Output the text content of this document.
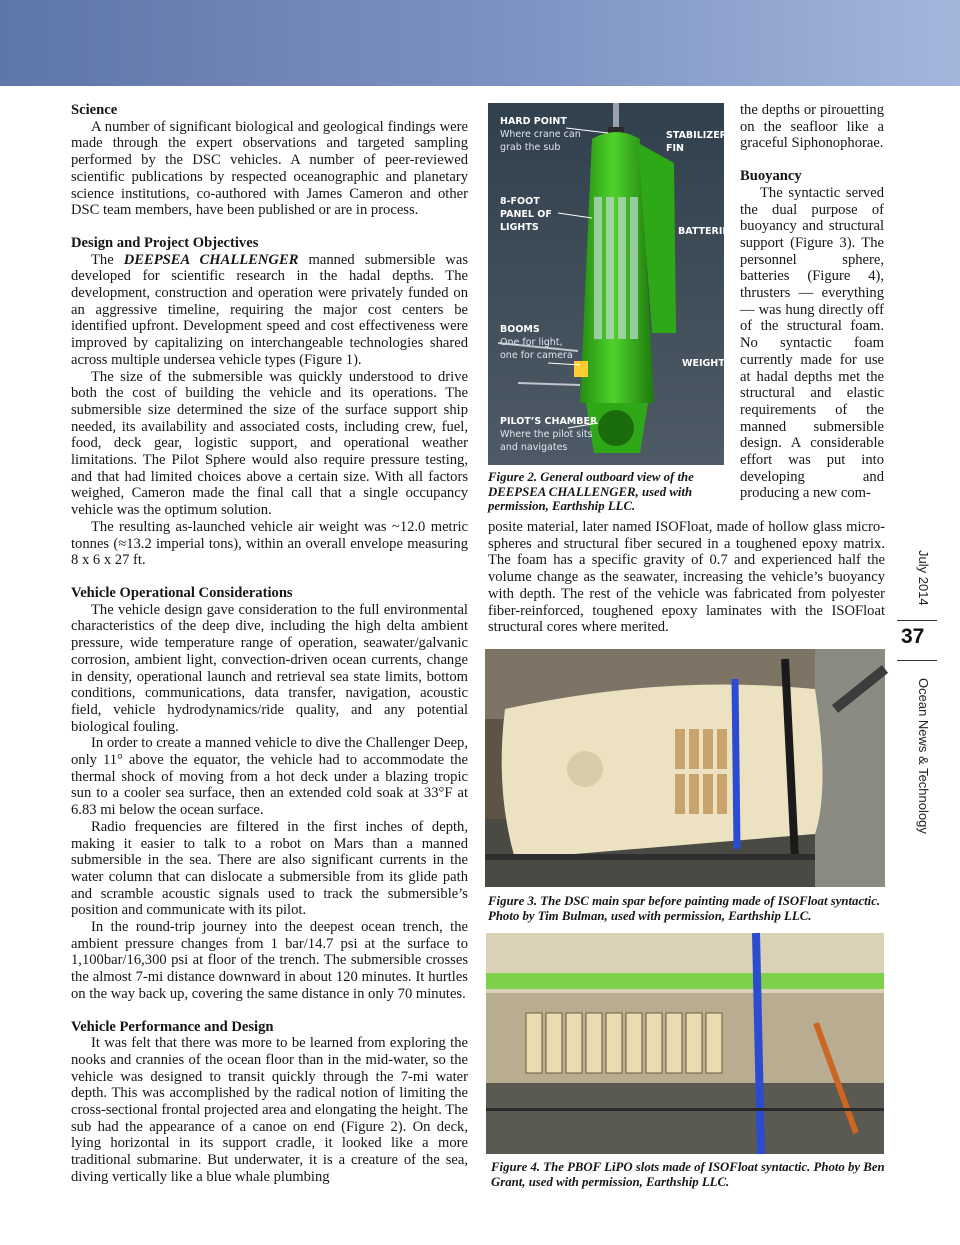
Science

A number of significant biological and geological findings were made through the expert observations and targeted sampling performed by the DSC vehicles. A number of peer-reviewed scientific publications by respected oceanographic and planetary science institutions, co-authored with James Cameron and other DSC team members, have been published or are in process.

Design and Project Objectives

The DEEPSEA CHALLENGER manned submersible was developed for scientific research in the hadal depths. The development, construction and operation were privately funded on an aggressive timeline, requiring the major cost centers be identified upfront. Development speed and cost effectiveness were improved by capitalizing on interchangeable technologies shared across multiple undersea vehicle types (Figure 1).

The size of the submersible was quickly understood to drive both the cost of building the vehicle and its operations. The submersible size determined the size of the surface support ship needed, its availability and associated costs, including crew, fuel, food, deck gear, logistic support, and operational weather limitations. The Pilot Sphere would also require pressure testing, and that had limited choices above a certain size. With all factors weighed, Cameron made the final call that a single occupancy vehicle was the optimum solution.

The resulting as-launched vehicle air weight was ~12.0 metric tonnes (≈13.2 imperial tons), within an overall envelope measuring 8 x 6 x 27 ft.

Vehicle Operational Considerations

The vehicle design gave consideration to the full environmental characteristics of the deep dive, including the high delta ambient pressure, wide temperature range of operation, seawater/galvanic corrosion, ambient light, convection-driven ocean currents, change in density, operational launch and retrieval sea state limits, bottom conditions, communications, data transfer, navigation, acoustic field, vehicle hydrodynamics/ride quality, and any potential biological fouling.

In order to create a manned vehicle to dive the Challenger Deep, only 11° above the equator, the vehicle had to accommodate the thermal shock of moving from a hot deck under a blazing tropic sun to a cooler sea surface, then an extended cold soak at 33°F at 6.83 mi below the ocean surface.

Radio frequencies are filtered in the first inches of depth, making it easier to talk to a robot on Mars than a manned submersible in the sea. There are also significant currents in the water column that can dislocate a submersible from its glide path and scramble acoustic signals used to track the submersible’s position and communicate with its pilot.

In the round-trip journey into the deepest ocean trench, the ambient pressure changes from 1 bar/14.7 psi at the surface to 1,100bar/16,300 psi at floor of the trench. The submersible crosses the almost 7-mi distance downward in about 120 minutes. It hurtles on the way back up, covering the same distance in only 70 minutes.

Vehicle Performance and Design

It was felt that there was more to be learned from exploring the nooks and crannies of the ocean floor than in the mid-water, so the vehicle was designed to transit quickly through the 7-mi water depth. This was accomplished by the radical notion of limiting the cross-sectional frontal projected area and elongating the height. The sub had the appearance of a canoe on end (Figure 2). On deck, lying horizontal in its support cradle, it looked like a more traditional submarine. But underwater, it is a creature of the sea, diving vertically like a blue whale plumbing

HARD POINT
Where crane can grab the sub
STABILIZER FIN
8-FOOT PANEL OF LIGHTS	BATTERIES
BOOMS
One for light, one for camera
WEIGHTS
PILOT’S CHAMBER
Where the pilot sits and navigates

Figure 2. General outboard view of the DEEPSEA CHALLENGER, used with permission, Earthship LLC.

the depths or pirouetting on the seafloor like a graceful Siphonophorae.

Buoyancy

The syntactic served the dual purpose of buoyancy and structural support (Figure 3). The personnel sphere, batteries (Figure 4), thrusters — everything — was hung directly off of the structural foam. No syntactic foam currently made for use at hadal depths met the structural and elastic requirements of the manned submersible design. A considerable effort was put into developing and producing a new com-

posite material, later named ISOFloat, made of hollow glass micro-spheres and structural fiber secured in a toughened epoxy matrix. The foam has a specific gravity of 0.7 and experienced half the volume change as the seawater, increasing the vehicle’s buoyancy with depth. The rest of the vehicle was fabricated from polyester fiber-reinforced, toughened epoxy laminates with the ISOFloat structural cores where merited.

Figure 3. The DSC main spar before painting made of ISOFloat syntactic. Photo by Tim Bulman, used with permission, Earthship LLC.

Figure 4. The PBOF LiPO slots made of ISOFloat syntactic. Photo by Ben Grant, used with permission, Earthship LLC.

July 2014
37
Ocean News & Technology
